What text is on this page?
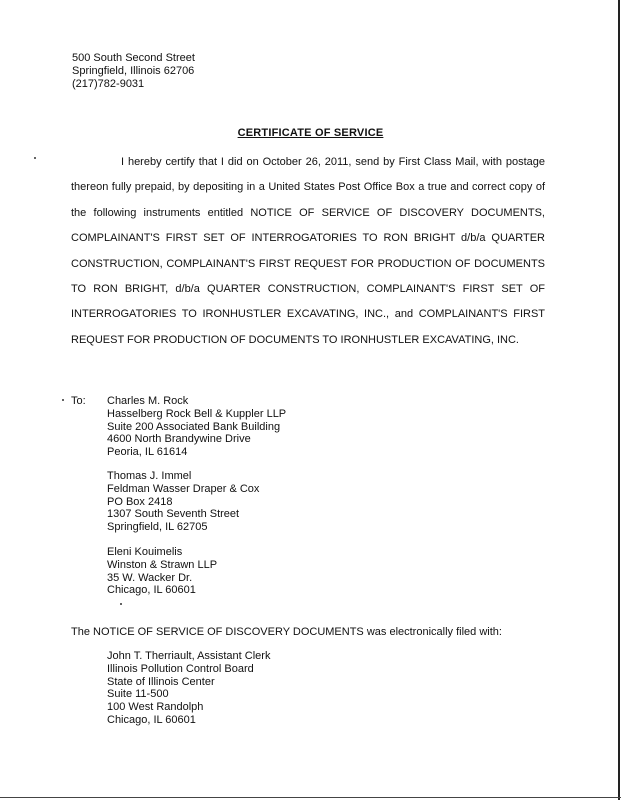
500 South Second Street
Springfield, Illinois 62706
(217)782-9031
CERTIFICATE OF SERVICE
I hereby certify that I did on October 26, 2011, send by First Class Mail, with postage thereon fully prepaid, by depositing in a United States Post Office Box a true and correct copy of the following instruments entitled NOTICE OF SERVICE OF DISCOVERY DOCUMENTS, COMPLAINANT'S FIRST SET OF INTERROGATORIES TO RON BRIGHT d/b/a QUARTER CONSTRUCTION, COMPLAINANT'S FIRST REQUEST FOR PRODUCTION OF DOCUMENTS TO RON BRIGHT, d/b/a QUARTER CONSTRUCTION, COMPLAINANT'S FIRST SET OF INTERROGATORIES TO IRONHUSTLER EXCAVATING, INC., and COMPLAINANT'S FIRST REQUEST FOR PRODUCTION OF DOCUMENTS TO IRONHUSTLER EXCAVATING, INC.
To: Charles M. Rock
Hasselberg Rock Bell & Kuppler LLP
Suite 200 Associated Bank Building
4600 North Brandywine Drive
Peoria, IL 61614
Thomas J. Immel
Feldman Wasser Draper & Cox
PO Box 2418
1307 South Seventh Street
Springfield, IL 62705
Eleni Kouimelis
Winston & Strawn LLP
35 W. Wacker Dr.
Chicago, IL 60601
The NOTICE OF SERVICE OF DISCOVERY DOCUMENTS was electronically filed with:
John T. Therriault, Assistant Clerk
Illinois Pollution Control Board
State of Illinois Center
Suite 11-500
100 West Randolph
Chicago, IL 60601
